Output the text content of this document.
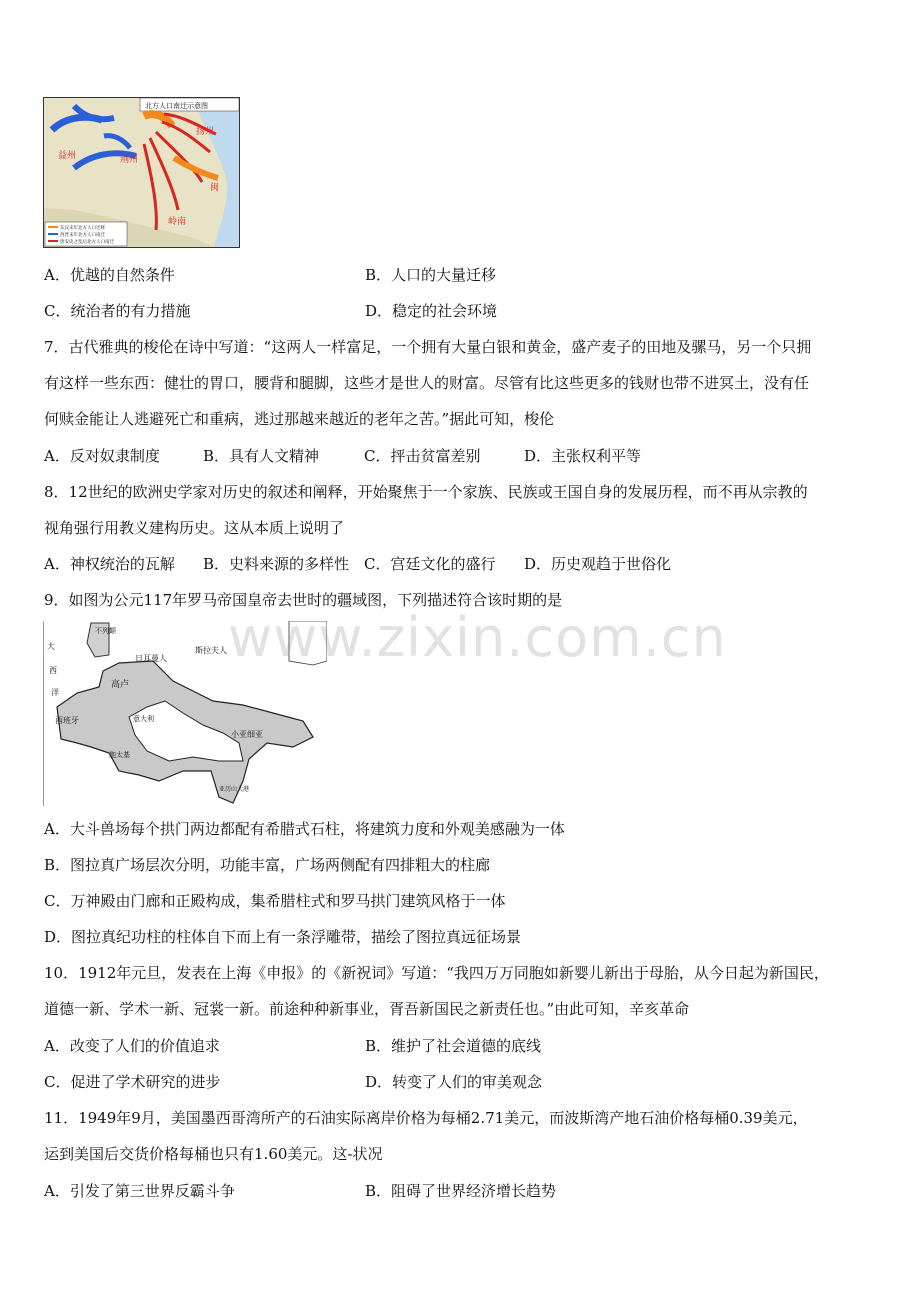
北方人口南迁示意图
益州	荆州
扬州
闽
岭南
东汉末年北方人口迁移
西晋末年北方人口南迁
唐安史之乱后北方人口南迁
A．优越的自然条件	B．人口的大量迁移
C．统治者的有力措施	D．稳定的社会环境
7．古代雅典的梭伦在诗中写道：“这两人一样富足，一个拥有大量白银和黄金，盛产麦子的田地及骡马，另一个只拥
有这样一些东西：健壮的胃口，腰背和腿脚，这些才是世人的财富。尽管有比这些更多的钱财也带不进冥土，没有任
何赎金能让人逃避死亡和重病，逃过那越来越近的老年之苦。”据此可知，梭伦
A．反对奴隶制度	B．具有人文精神	C．抨击贫富差别	D．主张权利平等
8．12世纪的欧洲史学家对历史的叙述和阐释，开始聚焦于一个家族、民族或王国自身的发展历程，而不再从宗教的
视角强行用教义建构历史。这从本质上说明了
A．神权统治的瓦解 B．史料来源的多样性 C．宫廷文化的盛行 D．历史观趋于世俗化
9．如图为公元117年罗马帝国皇帝去世时的疆域图，下列描述符合该时期的是
不列颠
大
西
洋
日耳曼人
斯拉夫人
高卢
西班牙	意大利
迦太基
小亚细亚
亚历山大港
www.zixin.com.cn
A．大斗兽场每个拱门两边都配有希腊式石柱，将建筑力度和外观美感融为一体
B．图拉真广场层次分明，功能丰富，广场两侧配有四排粗大的柱廊
C．万神殿由门廊和正殿构成，集希腊柱式和罗马拱门建筑风格于一体
D．图拉真纪功柱的柱体自下而上有一条浮雕带，描绘了图拉真远征场景
10．1912年元旦，发表在上海《申报》的《新祝词》写道：“我四万万同胞如新婴儿新出于母胎，从今日起为新国民，
道德一新、学术一新、冠裳一新。前途种种新事业，胥吾新国民之新责任也。”由此可知，辛亥革命
A．改变了人们的价值追求	B．维护了社会道德的底线
C．促进了学术研究的进步	D．转变了人们的审美观念
11．1949年9月，美国墨西哥湾所产的石油实际离岸价格为每桶2.71美元，而波斯湾产地石油价格每桶0.39美元，
运到美国后交货价格每桶也只有1.60美元。这-状况
A．引发了第三世界反霸斗争	B．阻碍了世界经济增长趋势
